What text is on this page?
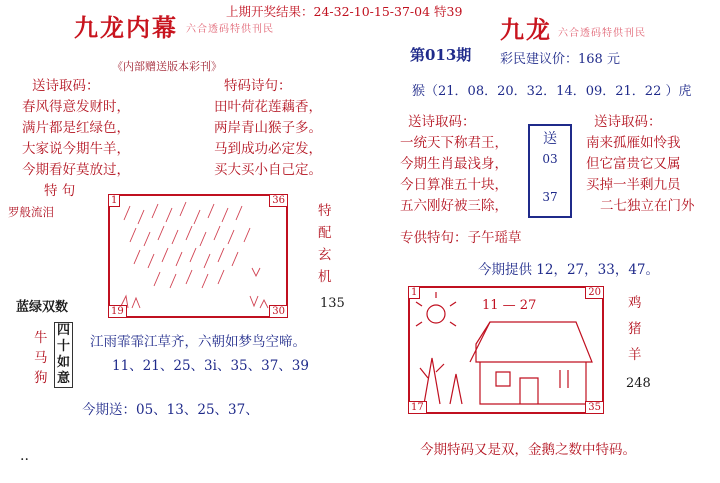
上期开奖结果：24-32-10-15-37-04 特39
九龙内幕 六合透码特供刊民
《内部赠送版本彩刊》
送诗取码：
春风得意发财时，
满片都是红绿色，
大家说今期牛羊，
今期看好莫放过，
特 句
特码诗句：
田叶荷花莲藕香，
两岸青山猴子多。
马到成功必定发，
买大买小自己定。
罗般流泪
1	36
19	30
特
配
玄
机
135
蓝绿双数
牛
马
狗
四
十
如
意
江雨霏霏江草齐，六朝如梦鸟空啼。
11、21、25、3i、35、37、39
今期送：05、13、25、37、
..
九龙 六合透码特供刊民
第013期 彩民建议价：168 元
猴（21．08．20．32．14．09．21．22 ）虎
送诗取码：
一统天下称君王，
今期生肖最浅身，
今日算准五十块，
五六刚好被三除，
送
03
37
送诗取码：
南来孤雁如怜我
但它富贵它又属
买掉一半剩九员
二七独立在门外
专供特句：子午瑶草
今期提供 12，27，33，47。
11 — 27
1	20
17	35
鸡
猪
羊
248
今期特码又是双，金鹅之数中特码。
